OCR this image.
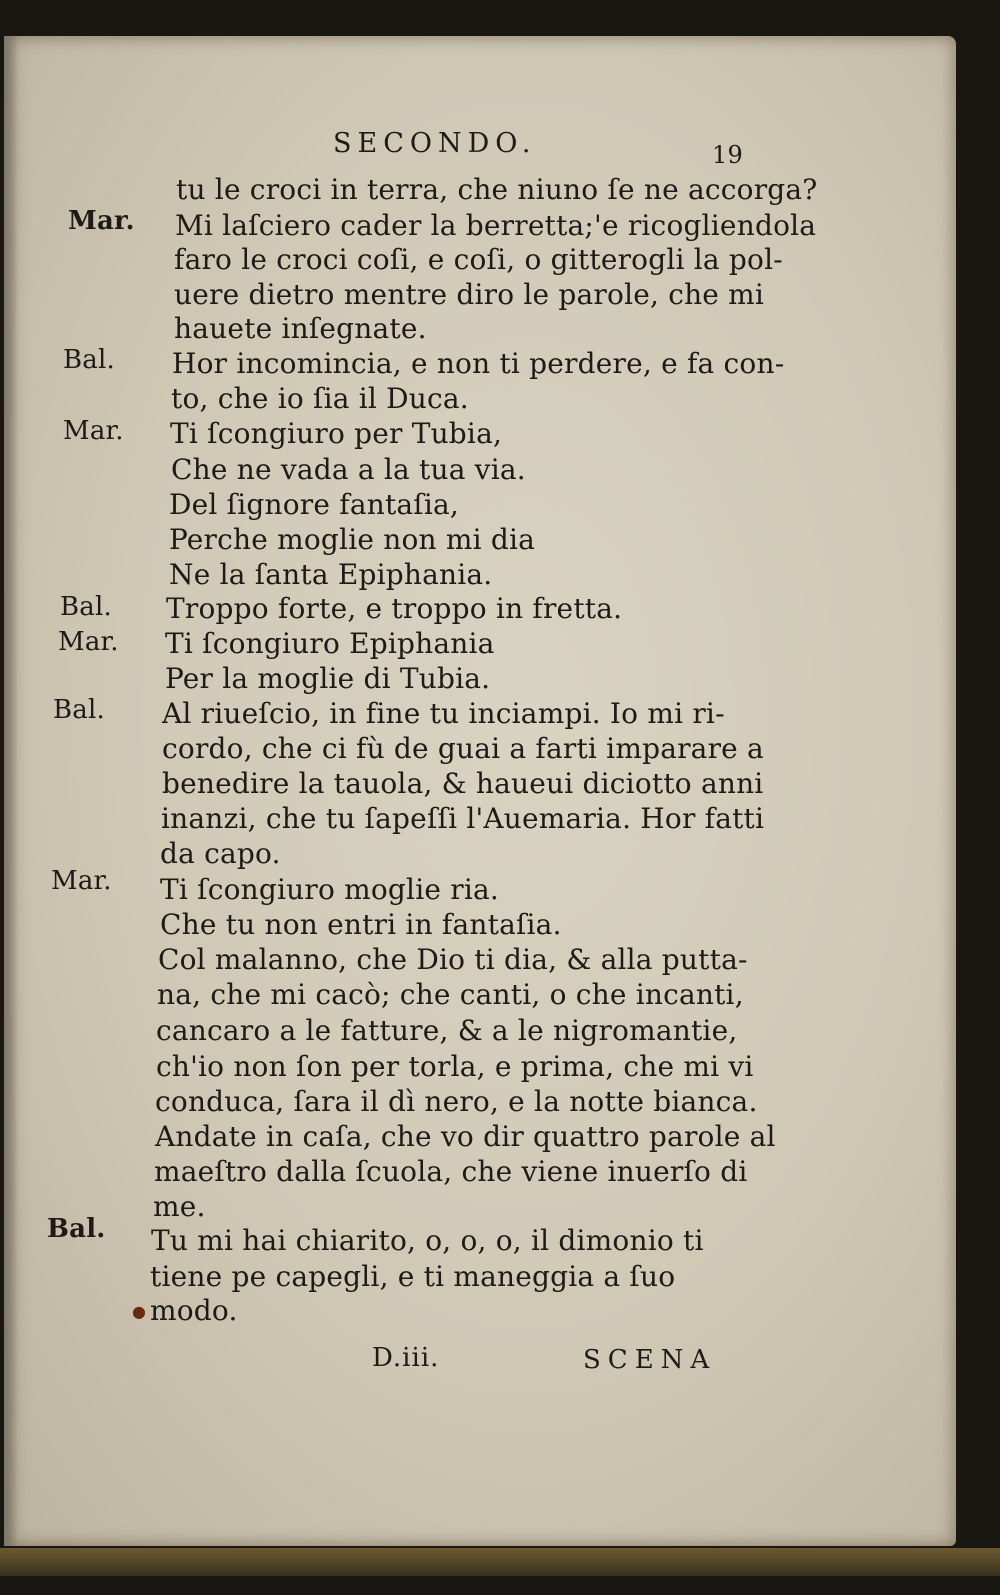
SECONDO.	19
Mar.
Bal.
Mar.
Bal.
Mar.
Bal.
Mar.
Bal.
tu le croci in terra, che niuno ſe ne accorga?
Mi laſciero cader la berretta;'e ricogliendola
faro le croci coſi, e coſi, o gitterogli la pol-
uere dietro mentre diro le parole, che mi
hauete inſegnate.
Hor incomincia, e non ti perdere, e fa con-
to, che io ſia il Duca.
Ti ſcongiuro per Tubia,
Che ne vada a la tua via.
Del ſignore fantaſia,
Perche moglie non mi dia
Ne la ſanta Epiphania.
Troppo forte, e troppo in fretta.
Ti ſcongiuro Epiphania
Per la moglie di Tubia.
Al riueſcio, in fine tu inciampi. Io mi ri-
cordo, che ci fù de guai a farti imparare a
benedire la tauola, & haueui diciotto anni
inanzi, che tu ſapeſſi l'Auemaria. Hor fatti
da capo.
Ti ſcongiuro moglie ria.
Che tu non entri in fantaſia.
Col malanno, che Dio ti dia, & alla putta-
na, che mi cacò; che canti, o che incanti,
cancaro a le fatture, & a le nigromantie,
ch'io non ſon per torla, e prima, che mi vi
conduca, ſara il dì nero, e la notte bianca.
Andate in caſa, che vo dir quattro parole al
maeſtro dalla ſcuola, che viene inuerſo di
me.
Tu mi hai chiarito, o, o, o, il dimonio ti
tiene pe capegli, e ti maneggia a ſuo
modo.
●
D.iii.	SCENA
